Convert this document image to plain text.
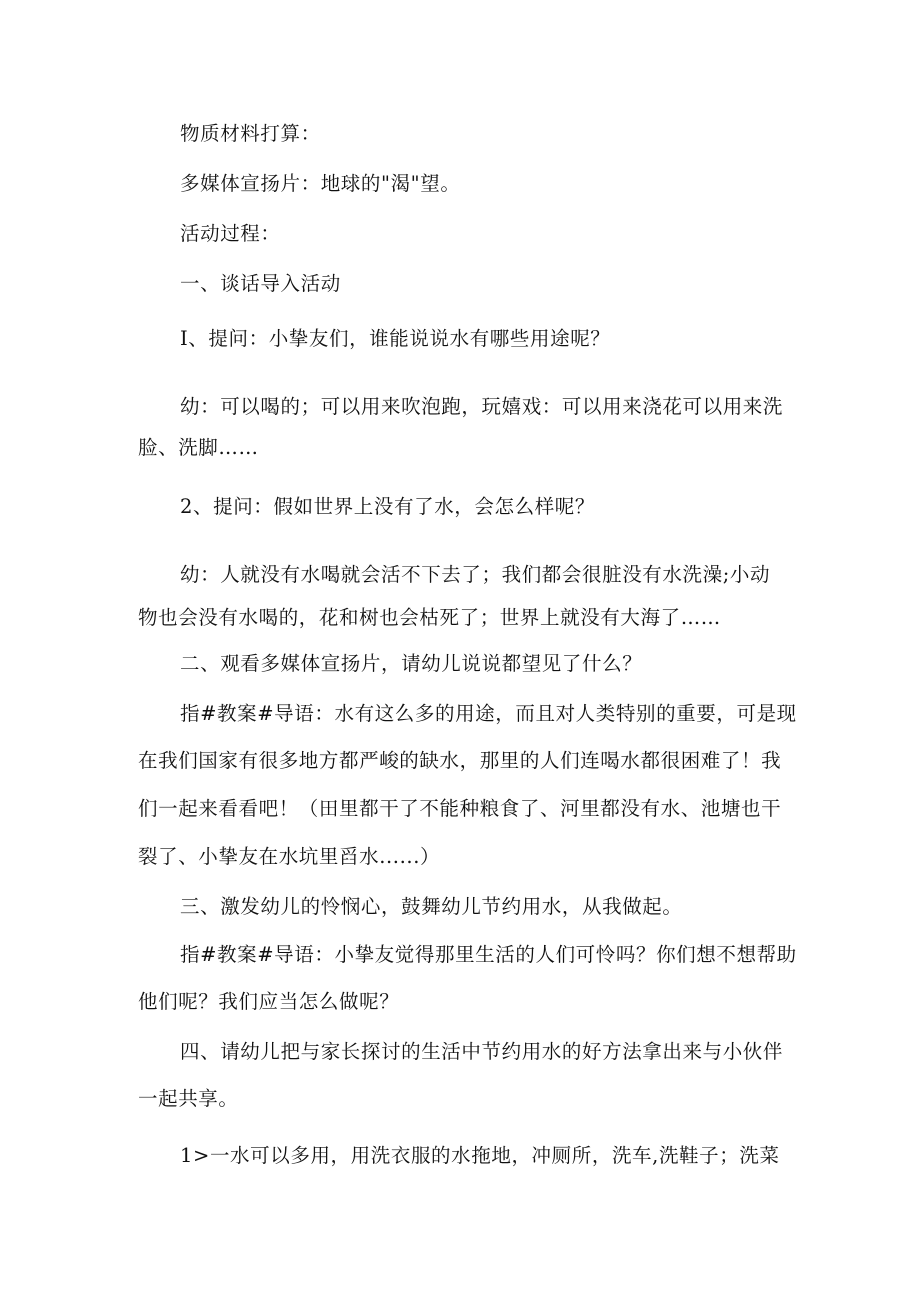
物质材料打算：

多媒体宣扬片：地球的"渴"望。

活动过程：

一、谈话导入活动

I、提问：小挚友们，谁能说说水有哪些用途呢？

幼：可以喝的；可以用来吹泡跑，玩嬉戏：可以用来浇花可以用来洗

脸、洗脚……

2、提问：假如世界上没有了水，会怎么样呢？

幼：人就没有水喝就会活不下去了；我们都会很脏没有水洗澡;小动

物也会没有水喝的，花和树也会枯死了；世界上就没有大海了……

二、观看多媒体宣扬片，请幼儿说说都望见了什么？

指#教案#导语：水有这么多的用途，而且对人类特别的重要，可是现

在我们国家有很多地方都严峻的缺水，那里的人们连喝水都很困难了！我

们一起来看看吧！（田里都干了不能种粮食了、河里都没有水、池塘也干

裂了、小挚友在水坑里舀水......）

三、激发幼儿的怜悯心，鼓舞幼儿节约用水，从我做起。

指#教案#导语：小挚友觉得那里生活的人们可怜吗？你们想不想帮助

他们呢？我们应当怎么做呢？

四、请幼儿把与家长探讨的生活中节约用水的好方法拿出来与小伙伴

一起共享。

1>一水可以多用，用洗衣服的水拖地，冲厕所，洗车,洗鞋子；洗菜
